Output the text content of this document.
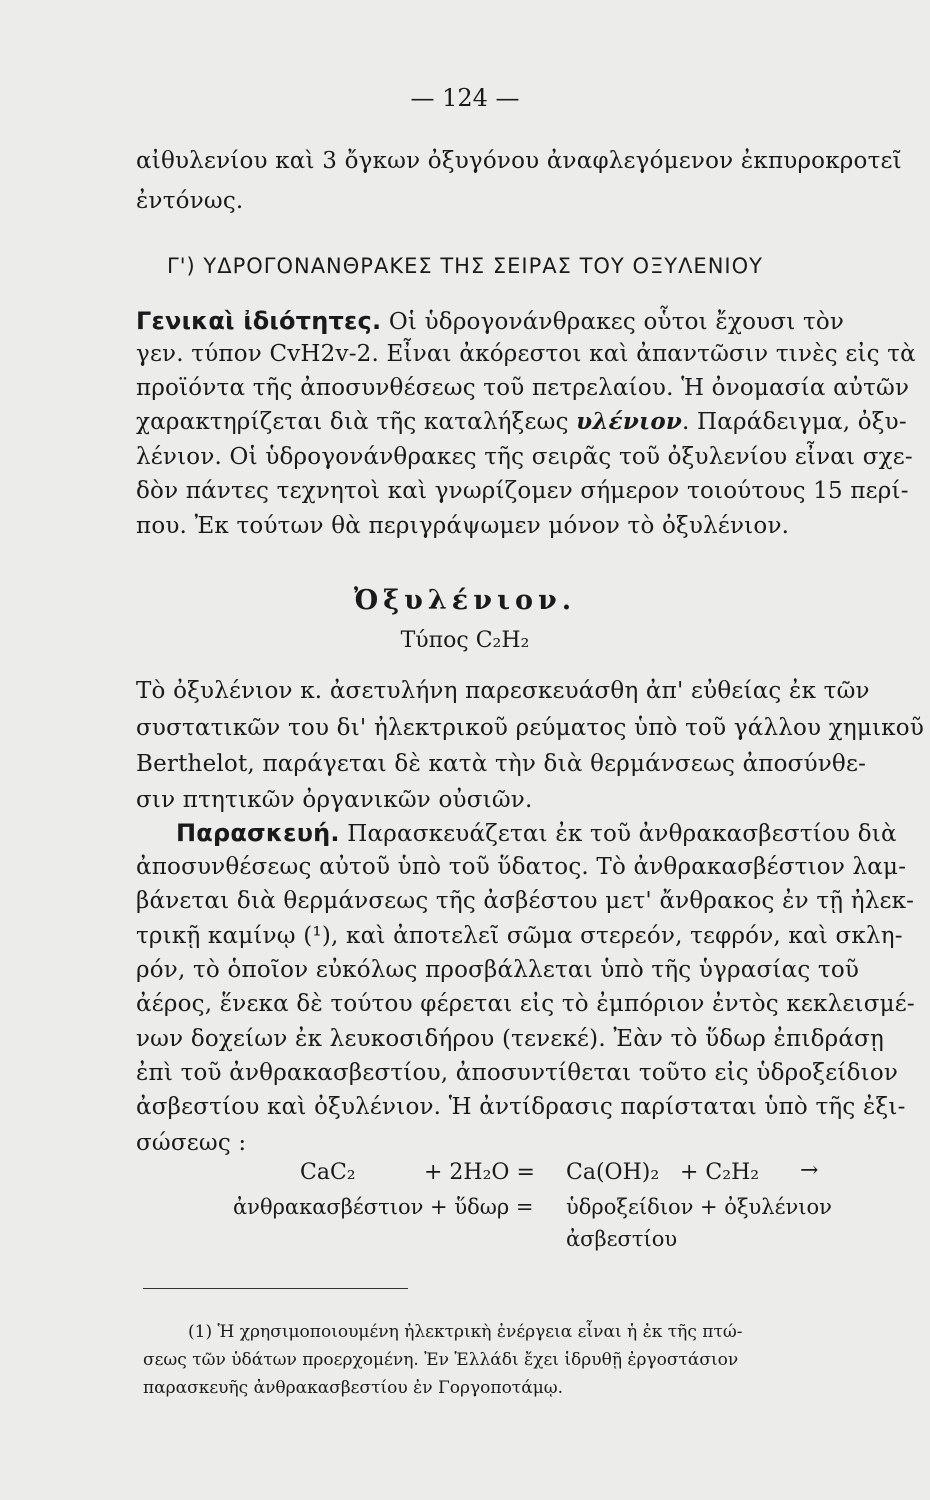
— 124 —
αἰθυλενίου καὶ 3 ὄγκων ὀξυγόνου ἀναφλεγόμενον ἐκπυροκροτεῖ
ἐντόνως.
Γ') ΥΔΡΟΓΟΝΑΝΘΡΑΚΕΣ ΤΗΣ ΣΕΙΡΑΣ ΤΟΥ ΟΞΥΛΕΝΙΟΥ
Γενικαὶ ἰδιότητες. Οἱ ὑδρογονάνθρακες οὗτοι ἔχουσι τὸν
γεν. τύπον CvH2v-2. Εἶναι ἀκόρεστοι καὶ ἀπαντῶσιν τινὲς εἰς τὰ
προϊόντα τῆς ἀποσυνθέσεως τοῦ πετρελαίου. Ἡ ὀνομασία αὐτῶν
χαρακτηρίζεται διὰ τῆς καταλήξεως υλένιον. Παράδειγμα, ὀξυ-
λένιον. Οἱ ὑδρογονάνθρακες τῆς σειρᾶς τοῦ ὀξυλενίου εἶναι σχε-
δὸν πάντες τεχνητοὶ καὶ γνωρίζομεν σήμερον τοιούτους 15 περί-
που. Ἐκ τούτων θὰ περιγράψωμεν μόνον τὸ ὀξυλένιον.
Ὀξυλένιον.
Τύπος C₂H₂
Τὸ ὀξυλένιον κ. ἀσετυλήνη παρεσκευάσθη ἀπ' εὐθείας ἐκ τῶν
συστατικῶν του δι' ἠλεκτρικοῦ ρεύματος ὑπὸ τοῦ γάλλου χημικοῦ
Berthelot, παράγεται δὲ κατὰ τὴν διὰ θερμάνσεως ἀποσύνθε-
σιν πτητικῶν ὀργανικῶν οὐσιῶν.
Παρασκευή. Παρασκευάζεται ἐκ τοῦ ἀνθρακασβεστίου διὰ
ἀποσυνθέσεως αὐτοῦ ὑπὸ τοῦ ὕδατος. Τὸ ἀνθρακασβέστιον λαμ-
βάνεται διὰ θερμάνσεως τῆς ἀσβέστου μετ' ἄνθρακος ἐν τῇ ἠλεκ-
τρικῇ καμίνῳ (¹), καὶ ἀποτελεῖ σῶμα στερεόν, τεφρόν, καὶ σκλη-
ρόν, τὸ ὁποῖον εὐκόλως προσβάλλεται ὑπὸ τῆς ὑγρασίας τοῦ
ἀέρος, ἕνεκα δὲ τούτου φέρεται εἰς τὸ ἐμπόριον ἐντὸς κεκλεισμέ-
νων δοχείων ἐκ λευκοσιδήρου (τενεκέ). Ἐὰν τὸ ὕδωρ ἐπιδράσῃ
ἐπὶ τοῦ ἀνθρακασβεστίου, ἀποσυντίθεται τοῦτο εἰς ὑδροξείδιον
ἀσβεστίου καὶ ὀξυλένιον. Ἡ ἀντίδρασις παρίσταται ὑπὸ τῆς ἐξι-
σώσεως :
CaC₂	+ 2H₂O = Ca(OH)₂ + C₂H₂ →
ἀνθρακασβέστιον + ὕδωρ = ὑδροξείδιον + ὀξυλένιον
ἀσβεστίου
(1) Ἡ χρησιμοποιουμένη ἠλεκτρικὴ ἐνέργεια εἶναι ἡ ἐκ τῆς πτώ-
σεως τῶν ὑδάτων προερχομένη. Ἐν Ἑλλάδι ἔχει ἱδρυθῇ ἐργοστάσιον
παρασκευῆς ἀνθρακασβεστίου ἐν Γοργοποτάμῳ.
